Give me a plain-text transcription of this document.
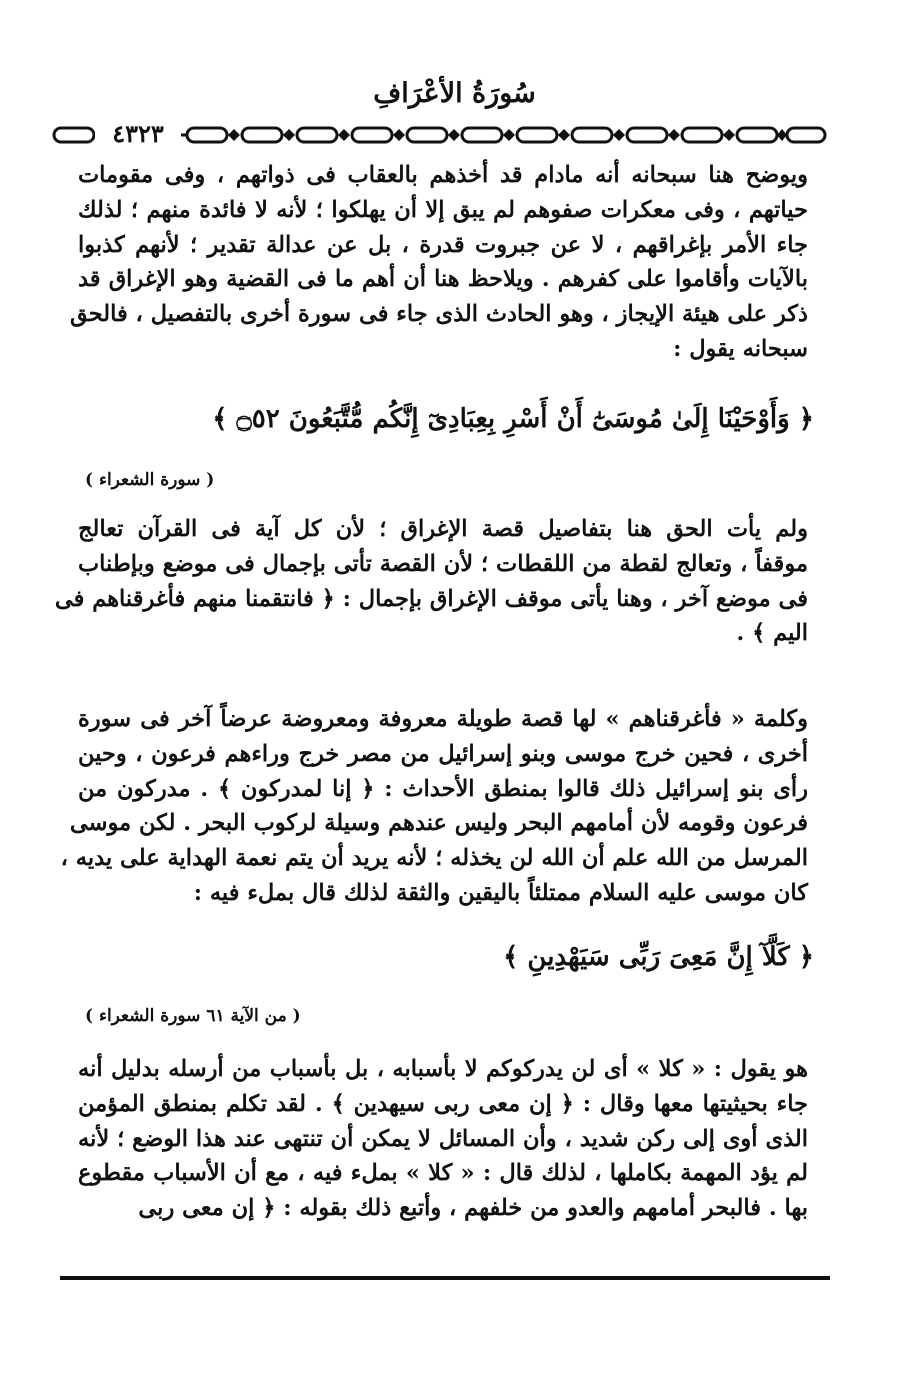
سُورَةُ الأعْرَافِ
٤٣٢٣
ويوضح هنا سبحانه أنه مادام قد أخذهم بالعقاب فى ذواتهم ، وفى مقومات
حياتهم ، وفى معكرات صفوهم لم يبق إلا أن يهلكوا ؛ لأنه لا فائدة منهم ؛ لذلك
جاء الأمر بإغراقهم ، لا عن جبروت قدرة ، بل عن عدالة تقدير ؛ لأنهم كذبوا
بالآيات وأقاموا على كفرهم . ويلاحظ هنا أن أهم ما فى القضية وهو الإغراق قد
ذكر على هيئة الإيجاز ، وهو الحادث الذى جاء فى سورة أخرى بالتفصيل ، فالحق
سبحانه يقول :
﴿ وَأَوْحَيْنَا إِلَىٰ مُوسَىٰٓ أَنْ أَسْرِ بِعِبَادِىٓ إِنَّكُم مُّتَّبَعُونَ ۝٥٢ ﴾
( سورة الشعراء )
ولم يأت الحق هنا بتفاصيل قصة الإغراق ؛ لأن كل آية فى القرآن تعالج
موقفاً ، وتعالج لقطة من اللقطات ؛ لأن القصة تأتى بإجمال فى موضع وبإطناب
فى موضع آخر ، وهنا يأتى موقف الإغراق بإجمال : ﴿ فانتقمنا منهم فأغرقناهم فى
اليم ﴾ .
وكلمة « فأغرقناهم » لها قصة طويلة معروفة ومعروضة عرضاً آخر فى سورة
أخرى ، فحين خرج موسى وبنو إسرائيل من مصر خرج وراءهم فرعون ، وحين
رأى بنو إسرائيل ذلك قالوا بمنطق الأحداث : ﴿ إنا لمدركون ﴾ . مدركون من
فرعون وقومه لأن أمامهم البحر وليس عندهم وسيلة لركوب البحر . لكن موسى
المرسل من الله علم أن الله لن يخذله ؛ لأنه يريد أن يتم نعمة الهداية على يديه ،
كان موسى عليه السلام ممتلئاً باليقين والثقة لذلك قال بملء فيه :
﴿ كَلَّآ إِنَّ مَعِىَ رَبِّى سَيَهْدِينِ ﴾
( من الآية ٦١ سورة الشعراء )
هو يقول : « كلا » أى لن يدركوكم لا بأسبابه ، بل بأسباب من أرسله بدليل أنه
جاء بحيثيتها معها وقال : ﴿ إن معى ربى سيهدين ﴾ . لقد تكلم بمنطق المؤمن
الذى أوى إلى ركن شديد ، وأن المسائل لا يمكن أن تنتهى عند هذا الوضع ؛ لأنه
لم يؤد المهمة بكاملها ، لذلك قال : « كلا » بملء فيه ، مع أن الأسباب مقطوع
بها . فالبحر أمامهم والعدو من خلفهم ، وأتبع ذلك بقوله : ﴿ إن معى ربى
